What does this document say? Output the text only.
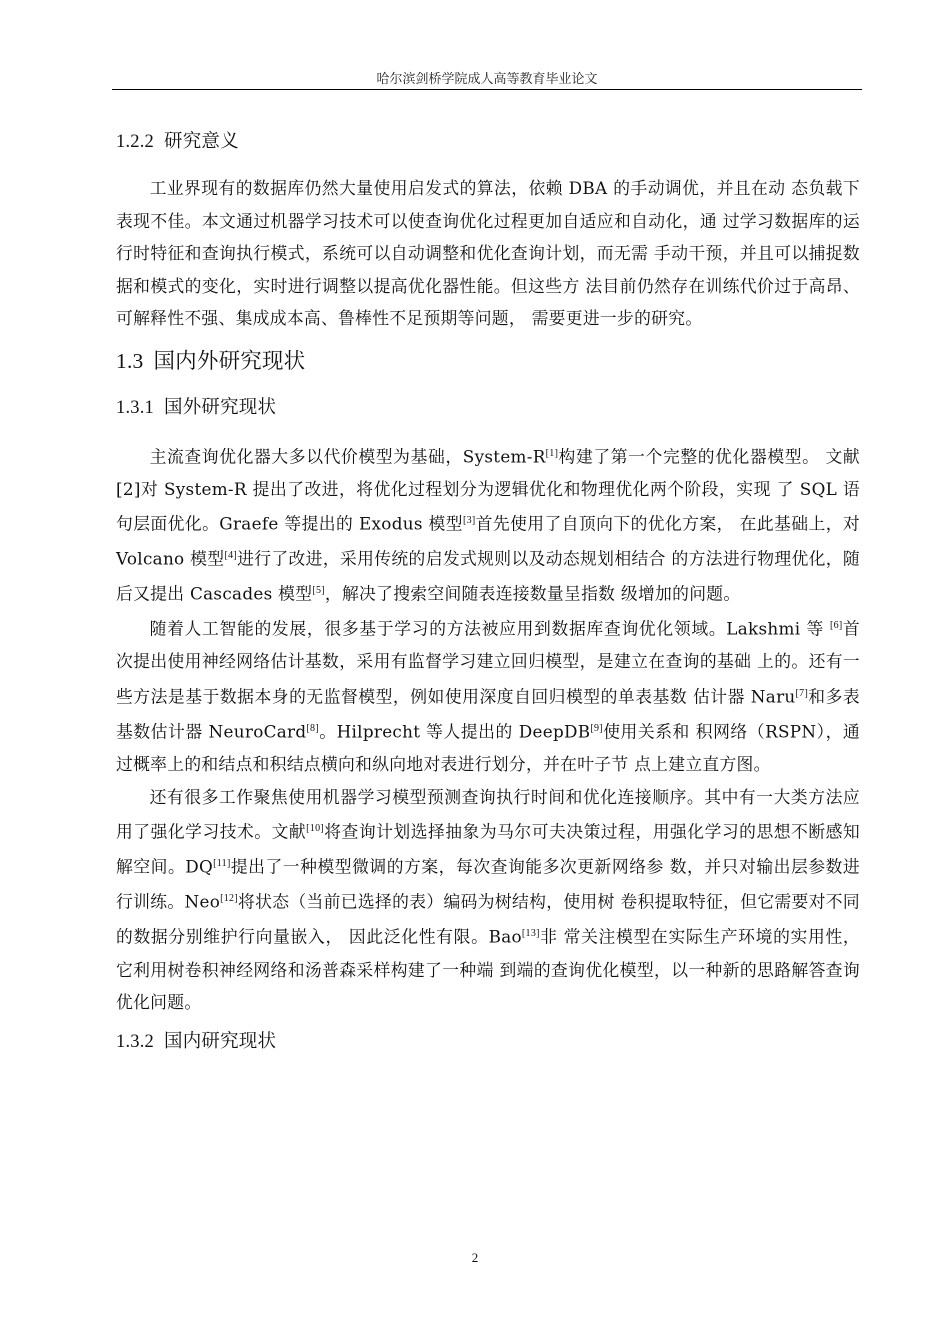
哈尔滨剑桥学院成人高等教育毕业论文
1.2.2 研究意义

工业界现有的数据库仍然大量使用启发式的算法，依赖 DBA 的手动调优，并且在动 态负载下表现不佳。本文通过机器学习技术可以使查询优化过程更加自适应和自动化，通 过学习数据库的运行时特征和查询执行模式，系统可以自动调整和优化查询计划，而无需 手动干预，并且可以捕捉数据和模式的变化，实时进行调整以提高优化器性能。但这些方 法目前仍然存在训练代价过于高昂、可解释性不强、集成成本高、鲁棒性不足预期等问题， 需要更进一步的研究。

1.3 国内外研究现状
1.3.1 国外研究现状

主流查询优化器大多以代价模型为基础，System-R[1]构建了第一个完整的优化器模型。 文献[2]对 System-R 提出了改进，将优化过程划分为逻辑优化和物理优化两个阶段，实现 了 SQL 语句层面优化。Graefe 等提出的 Exodus 模型[3]首先使用了自顶向下的优化方案， 在此基础上，对 Volcano 模型[4]进行了改进，采用传统的启发式规则以及动态规划相结合 的方法进行物理优化，随后又提出 Cascades 模型[5]，解决了搜索空间随表连接数量呈指数 级增加的问题。

随着人工智能的发展，很多基于学习的方法被应用到数据库查询优化领域。Lakshmi 等 [6]首次提出使用神经网络估计基数，采用有监督学习建立回归模型，是建立在查询的基础 上的。还有一些方法是基于数据本身的无监督模型，例如使用深度自回归模型的单表基数 估计器 Naru[7]和多表基数估计器 NeuroCard[8]。Hilprecht 等人提出的 DeepDB[9]使用关系和 积网络（RSPN），通过概率上的和结点和积结点横向和纵向地对表进行划分，并在叶子节 点上建立直方图。

还有很多工作聚焦使用机器学习模型预测查询执行时间和优化连接顺序。其中有一大类方法应用了强化学习技术。文献[10]将查询计划选择抽象为马尔可夫决策过程，用强化学习的思想不断感知解空间。DQ[11]提出了一种模型微调的方案，每次查询能多次更新网络参 数，并只对输出层参数进行训练。Neo[12]将状态（当前已选择的表）编码为树结构，使用树 卷积提取特征，但它需要对不同的数据分别维护行向量嵌入， 因此泛化性有限。Bao[13]非 常关注模型在实际生产环境的实用性，它利用树卷积神经网络和汤普森采样构建了一种端 到端的查询优化模型，以一种新的思路解答查询优化问题。

1.3.2 国内研究现状
2
